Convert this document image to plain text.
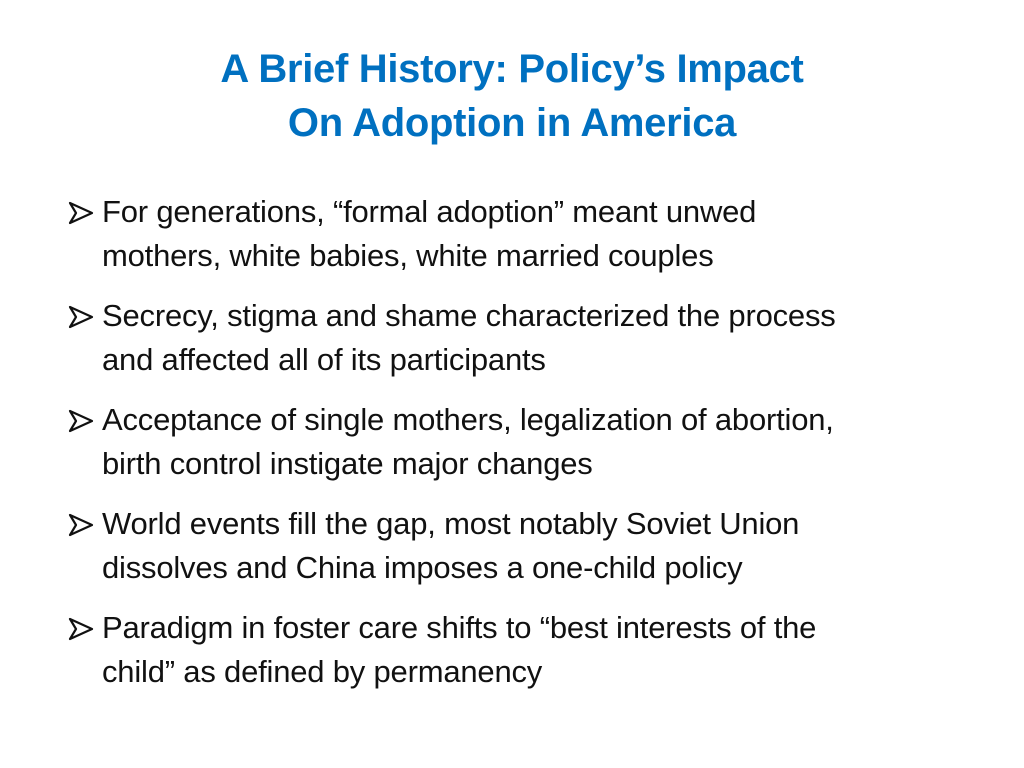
A Brief History: Policy’s Impact
On Adoption in America
For generations, “formal adoption” meant unwed
mothers, white babies, white married couples
Secrecy, stigma and shame characterized the process
and affected all of its participants
Acceptance of single mothers, legalization of abortion,
birth control instigate major changes
World events fill the gap, most notably Soviet Union
dissolves and China imposes a one-child policy
Paradigm in foster care shifts to “best interests of the
child” as defined by permanency
